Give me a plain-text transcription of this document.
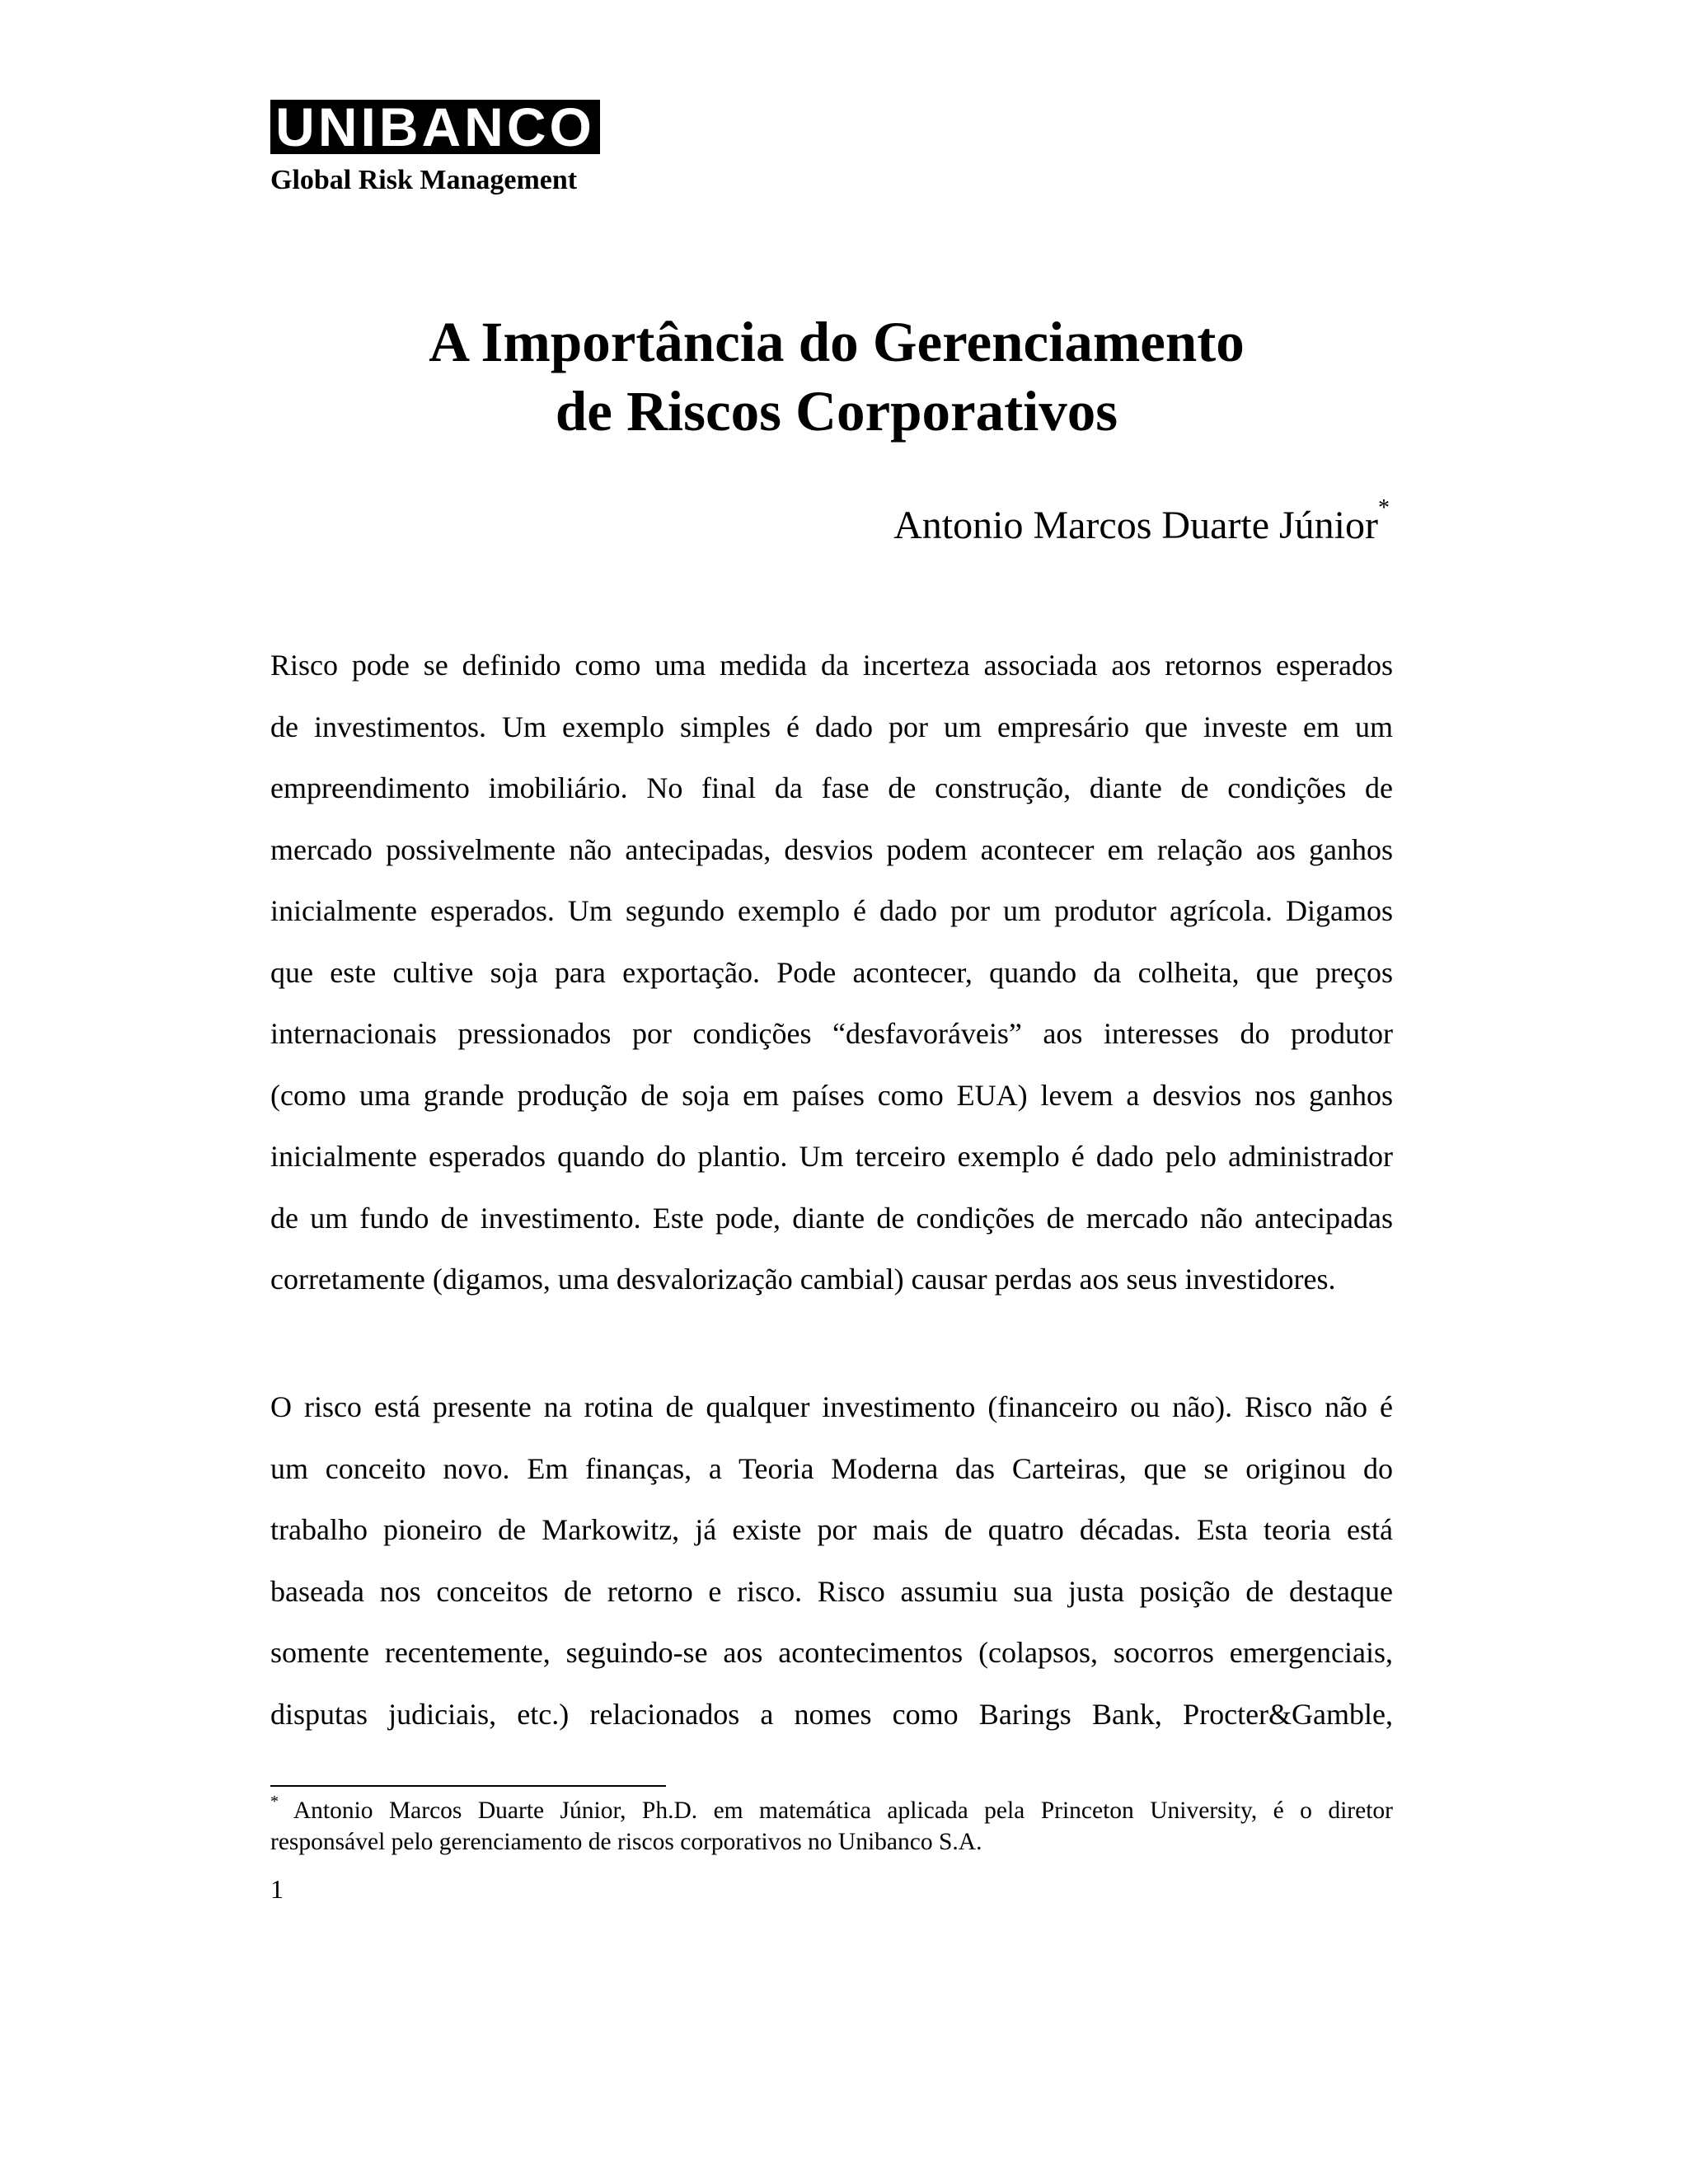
UNIBANCO
Global Risk Management
A Importância do Gerenciamento
de Riscos Corporativos
Antonio Marcos Duarte Júnior*
Risco pode se definido como uma medida da incerteza associada aos retornos esperados
de investimentos. Um exemplo simples é dado por um empresário que investe em um
empreendimento imobiliário. No final da fase de construção, diante de condições de
mercado possivelmente não antecipadas, desvios podem acontecer em relação aos ganhos
inicialmente esperados. Um segundo exemplo é dado por um produtor agrícola. Digamos
que este cultive soja para exportação. Pode acontecer, quando da colheita, que preços
internacionais pressionados por condições “desfavoráveis” aos interesses do produtor
(como uma grande produção de soja em países como EUA) levem a desvios nos ganhos
inicialmente esperados quando do plantio. Um terceiro exemplo é dado pelo administrador
de um fundo de investimento. Este pode, diante de condições de mercado não antecipadas
corretamente (digamos, uma desvalorização cambial) causar perdas aos seus investidores.
O risco está presente na rotina de qualquer investimento (financeiro ou não). Risco não é
um conceito novo. Em finanças, a Teoria Moderna das Carteiras, que se originou do
trabalho pioneiro de Markowitz, já existe por mais de quatro décadas. Esta teoria está
baseada nos conceitos de retorno e risco. Risco assumiu sua justa posição de destaque
somente recentemente, seguindo-se aos acontecimentos (colapsos, socorros emergenciais,
disputas judiciais, etc.) relacionados a nomes como Barings Bank, Procter&Gamble,
* Antonio Marcos Duarte Júnior, Ph.D. em matemática aplicada pela Princeton University, é o diretor
responsável pelo gerenciamento de riscos corporativos no Unibanco S.A.
1
